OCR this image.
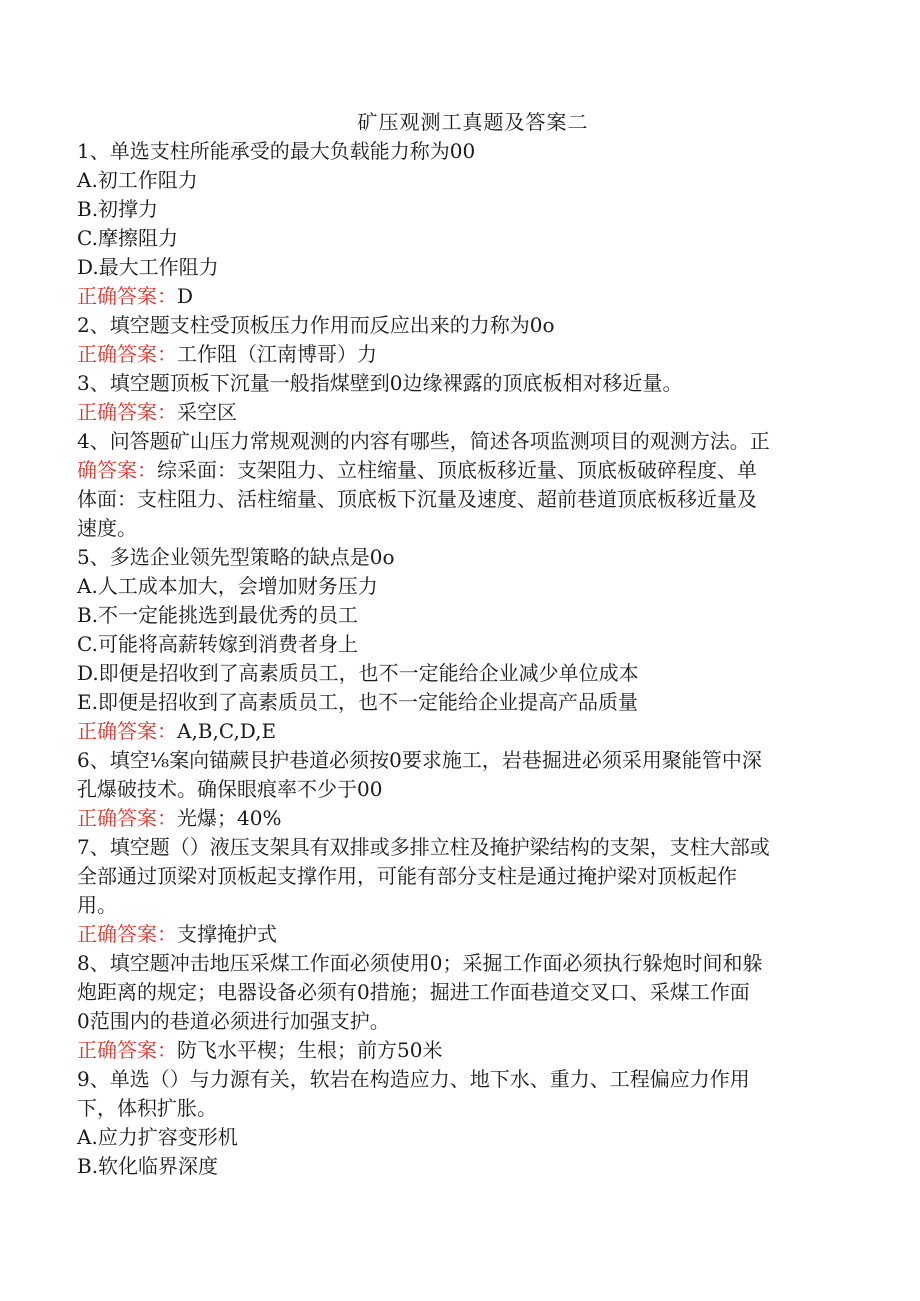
矿压观测工真题及答案二
1、单选支柱所能承受的最大负载能力称为00
A.初工作阻力
B.初撑力
C.摩擦阻力
D.最大工作阻力
正确答案：D
2、填空题支柱受顶板压力作用而反应出来的力称为0o
正确答案：工作阻（江南博哥）力
3、填空题顶板下沉量一般指煤壁到0边缘裸露的顶底板相对移近量。
正确答案：采空区
4、问答题矿山压力常规观测的内容有哪些，简述各项监测项目的观测方法。正
确答案：综采面：支架阻力、立柱缩量、顶底板移近量、顶底板破碎程度、单
体面：支柱阻力、活柱缩量、顶底板下沉量及速度、超前巷道顶底板移近量及
速度。
5、多选企业领先型策略的缺点是0o
A.人工成本加大，会增加财务压力
B.不一定能挑选到最优秀的员工
C.可能将高薪转嫁到消费者身上
D.即便是招收到了高素质员工，也不一定能给企业减少单位成本
E.即便是招收到了高素质员工，也不一定能给企业提高产品质量
正确答案：A,B,C,D,E
6、填空⅛案向锚蕨艮护巷道必须按0要求施工，岩巷掘进必须采用聚能管中深
孔爆破技术。确保眼痕率不少于00
正确答案：光爆；40%
7、填空题（）液压支架具有双排或多排立柱及掩护梁结构的支架，支柱大部或
全部通过顶梁对顶板起支撑作用，可能有部分支柱是通过掩护梁对顶板起作
用。
正确答案：支撑掩护式
8、填空题冲击地压采煤工作面必须使用0；采掘工作面必须执行躲炮时间和躲
炮距离的规定；电器设备必须有0措施；掘进工作面巷道交叉口、采煤工作面
0范围内的巷道必须进行加强支护。
正确答案：防飞水平楔；生根；前方50米
9、单选（）与力源有关，软岩在构造应力、地下水、重力、工程偏应力作用
下，体积扩胀。
A.应力扩容变形机
B.软化临界深度
